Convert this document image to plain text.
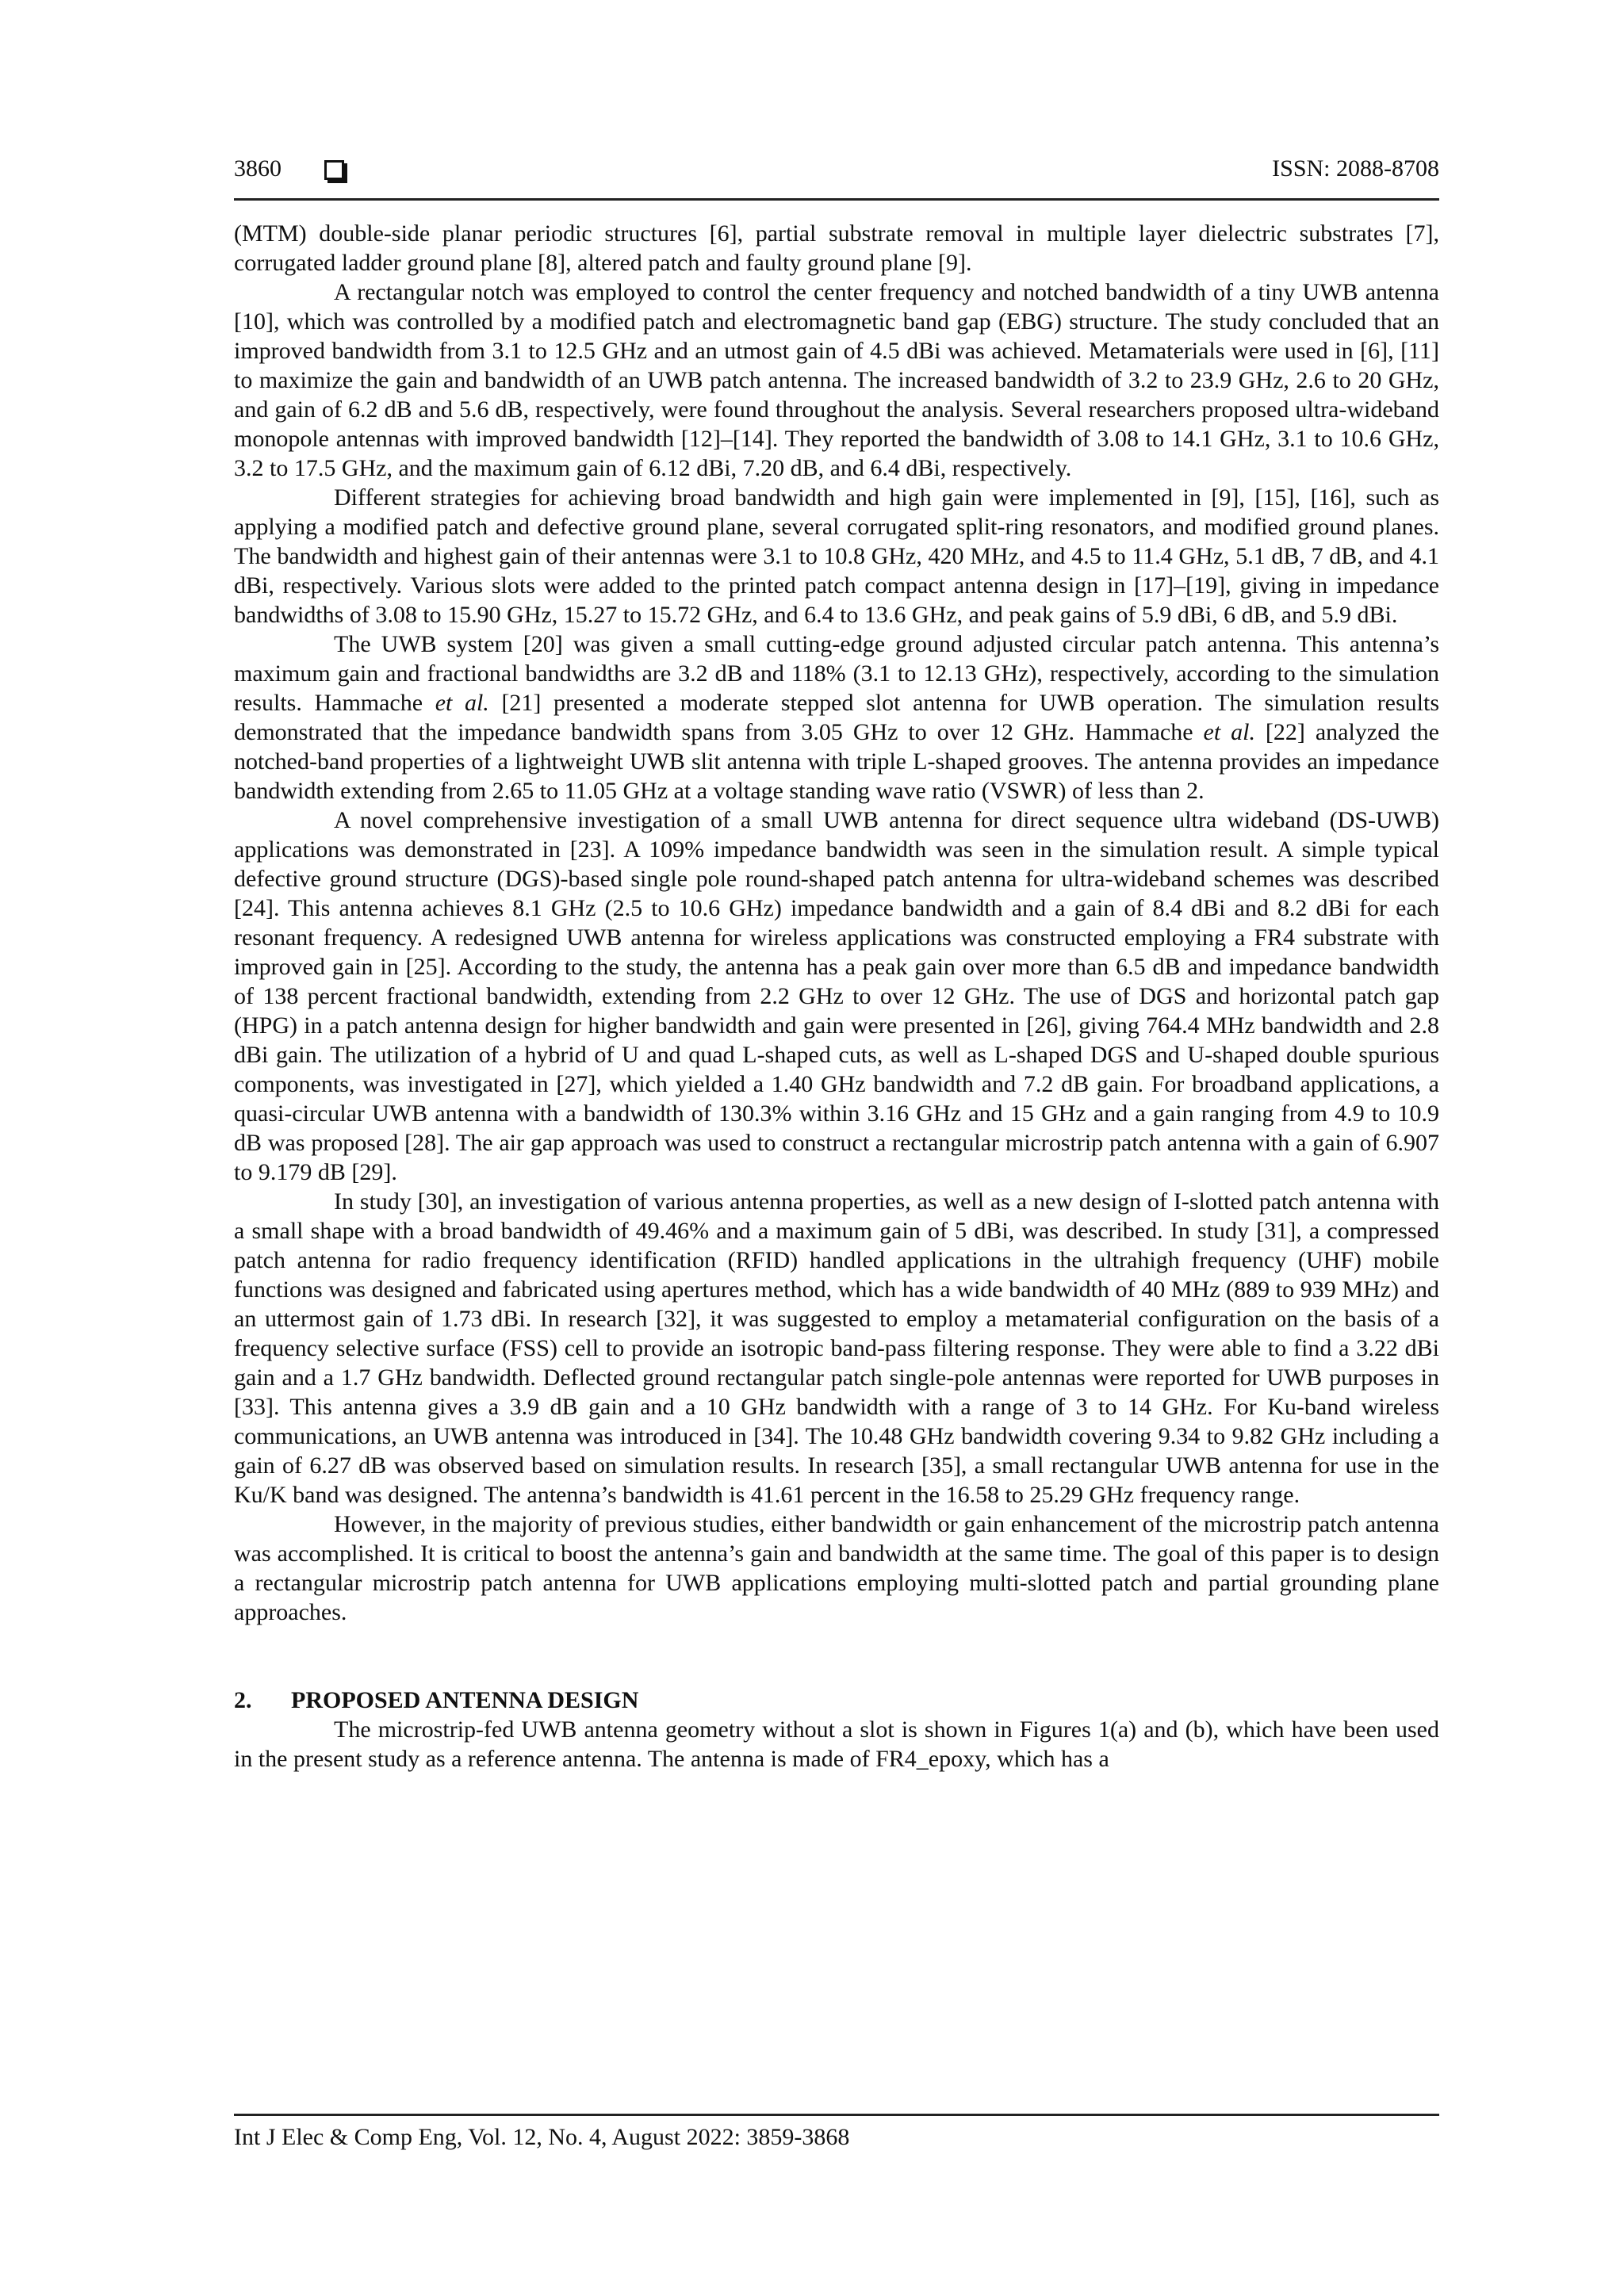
3860	ISSN: 2088-8708

(MTM) double-side planar periodic structures [6], partial substrate removal in multiple layer dielectric substrates [7], corrugated ladder ground plane [8], altered patch and faulty ground plane [9].

A rectangular notch was employed to control the center frequency and notched bandwidth of a tiny UWB antenna [10], which was controlled by a modified patch and electromagnetic band gap (EBG) structure. The study concluded that an improved bandwidth from 3.1 to 12.5 GHz and an utmost gain of 4.5 dBi was achieved. Metamaterials were used in [6], [11] to maximize the gain and bandwidth of an UWB patch antenna. The increased bandwidth of 3.2 to 23.9 GHz, 2.6 to 20 GHz, and gain of 6.2 dB and 5.6 dB, respectively, were found throughout the analysis. Several researchers proposed ultra-wideband monopole antennas with improved bandwidth [12]–[14]. They reported the bandwidth of 3.08 to 14.1 GHz, 3.1 to 10.6 GHz, 3.2 to 17.5 GHz, and the maximum gain of 6.12 dBi, 7.20 dB, and 6.4 dBi, respectively.

Different strategies for achieving broad bandwidth and high gain were implemented in [9], [15], [16], such as applying a modified patch and defective ground plane, several corrugated split-ring resonators, and modified ground planes. The bandwidth and highest gain of their antennas were 3.1 to 10.8 GHz, 420 MHz, and 4.5 to 11.4 GHz, 5.1 dB, 7 dB, and 4.1 dBi, respectively. Various slots were added to the printed patch compact antenna design in [17]–[19], giving in impedance bandwidths of 3.08 to 15.90 GHz, 15.27 to 15.72 GHz, and 6.4 to 13.6 GHz, and peak gains of 5.9 dBi, 6 dB, and 5.9 dBi.

The UWB system [20] was given a small cutting-edge ground adjusted circular patch antenna. This antenna’s maximum gain and fractional bandwidths are 3.2 dB and 118% (3.1 to 12.13 GHz), respectively, according to the simulation results. Hammache et al. [21] presented a moderate stepped slot antenna for UWB operation. The simulation results demonstrated that the impedance bandwidth spans from 3.05 GHz to over 12 GHz. Hammache et al. [22] analyzed the notched-band properties of a lightweight UWB slit antenna with triple L-shaped grooves. The antenna provides an impedance bandwidth extending from 2.65 to 11.05 GHz at a voltage standing wave ratio (VSWR) of less than 2.

A novel comprehensive investigation of a small UWB antenna for direct sequence ultra wideband (DS-UWB) applications was demonstrated in [23]. A 109% impedance bandwidth was seen in the simulation result. A simple typical defective ground structure (DGS)-based single pole round-shaped patch antenna for ultra-wideband schemes was described [24]. This antenna achieves 8.1 GHz (2.5 to 10.6 GHz) impedance bandwidth and a gain of 8.4 dBi and 8.2 dBi for each resonant frequency. A redesigned UWB antenna for wireless applications was constructed employing a FR4 substrate with improved gain in [25]. According to the study, the antenna has a peak gain over more than 6.5 dB and impedance bandwidth of 138 percent fractional bandwidth, extending from 2.2 GHz to over 12 GHz. The use of DGS and horizontal patch gap (HPG) in a patch antenna design for higher bandwidth and gain were presented in [26], giving 764.4 MHz bandwidth and 2.8 dBi gain. The utilization of a hybrid of U and quad L-shaped cuts, as well as L-shaped DGS and U-shaped double spurious components, was investigated in [27], which yielded a 1.40 GHz bandwidth and 7.2 dB gain. For broadband applications, a quasi-circular UWB antenna with a bandwidth of 130.3% within 3.16 GHz and 15 GHz and a gain ranging from 4.9 to 10.9 dB was proposed [28]. The air gap approach was used to construct a rectangular microstrip patch antenna with a gain of 6.907 to 9.179 dB [29].

In study [30], an investigation of various antenna properties, as well as a new design of I-slotted patch antenna with a small shape with a broad bandwidth of 49.46% and a maximum gain of 5 dBi, was described. In study [31], a compressed patch antenna for radio frequency identification (RFID) handled applications in the ultrahigh frequency (UHF) mobile functions was designed and fabricated using apertures method, which has a wide bandwidth of 40 MHz (889 to 939 MHz) and an uttermost gain of 1.73 dBi. In research [32], it was suggested to employ a metamaterial configuration on the basis of a frequency selective surface (FSS) cell to provide an isotropic band-pass filtering response. They were able to find a 3.22 dBi gain and a 1.7 GHz bandwidth. Deflected ground rectangular patch single-pole antennas were reported for UWB purposes in [33]. This antenna gives a 3.9 dB gain and a 10 GHz bandwidth with a range of 3 to 14 GHz. For Ku-band wireless communications, an UWB antenna was introduced in [34]. The 10.48 GHz bandwidth covering 9.34 to 9.82 GHz including a gain of 6.27 dB was observed based on simulation results. In research [35], a small rectangular UWB antenna for use in the Ku/K band was designed. The antenna’s bandwidth is 41.61 percent in the 16.58 to 25.29 GHz frequency range.

However, in the majority of previous studies, either bandwidth or gain enhancement of the microstrip patch antenna was accomplished. It is critical to boost the antenna’s gain and bandwidth at the same time. The goal of this paper is to design a rectangular microstrip patch antenna for UWB applications employing multi-slotted patch and partial grounding plane approaches.

2. PROPOSED ANTENNA DESIGN

The microstrip-fed UWB antenna geometry without a slot is shown in Figures 1(a) and (b), which have been used in the present study as a reference antenna. The antenna is made of FR4_epoxy, which has a

Int J Elec & Comp Eng, Vol. 12, No. 4, August 2022: 3859-3868
